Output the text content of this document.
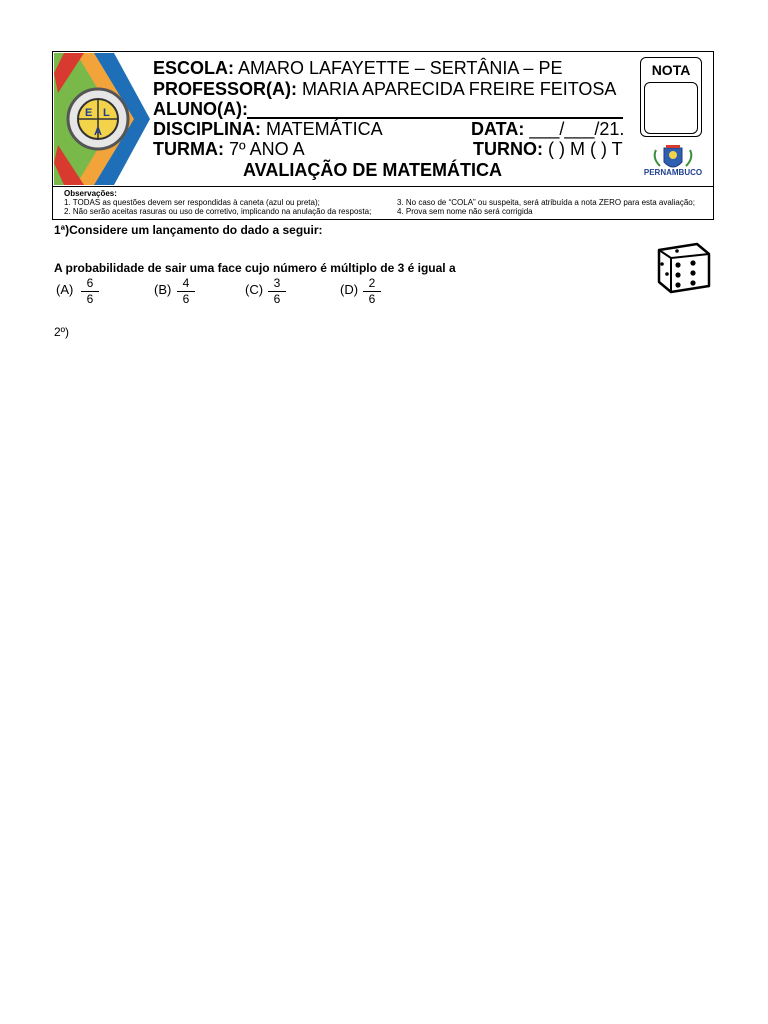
E L
A
ESCOLA: AMARO LAFAYETTE – SERTÂNIA – PE
PROFESSOR(A): MARIA APARECIDA FREIRE FEITOSA
ALUNO(A):
DISCIPLINA: MATEMÁTICA	DATA: ___/___/21.
TURMA: 7º ANO A	TURNO: ( ) M ( ) T
AVALIAÇÃO DE MATEMÁTICA
NOTA
PERNAMBUCO
Observações:
1. TODAS as questões devem ser respondidas à caneta (azul ou preta);
2. Não serão aceitas rasuras ou uso de corretivo, implicando na anulação da resposta;
3. No caso de “COLA” ou suspeita, será atribuída a nota ZERO para esta avaliação;
4. Prova sem nome não será corrigida
1ª)Considere um lançamento do dado a seguir:
A probabilidade de sair uma face cujo número é múltiplo de 3 é igual a
$(A) \frac{6}{6}$	$(B) \frac{4}{6}$	$(C) \frac{3}{6}$	$(D) \frac{2}{6}$
2º)
